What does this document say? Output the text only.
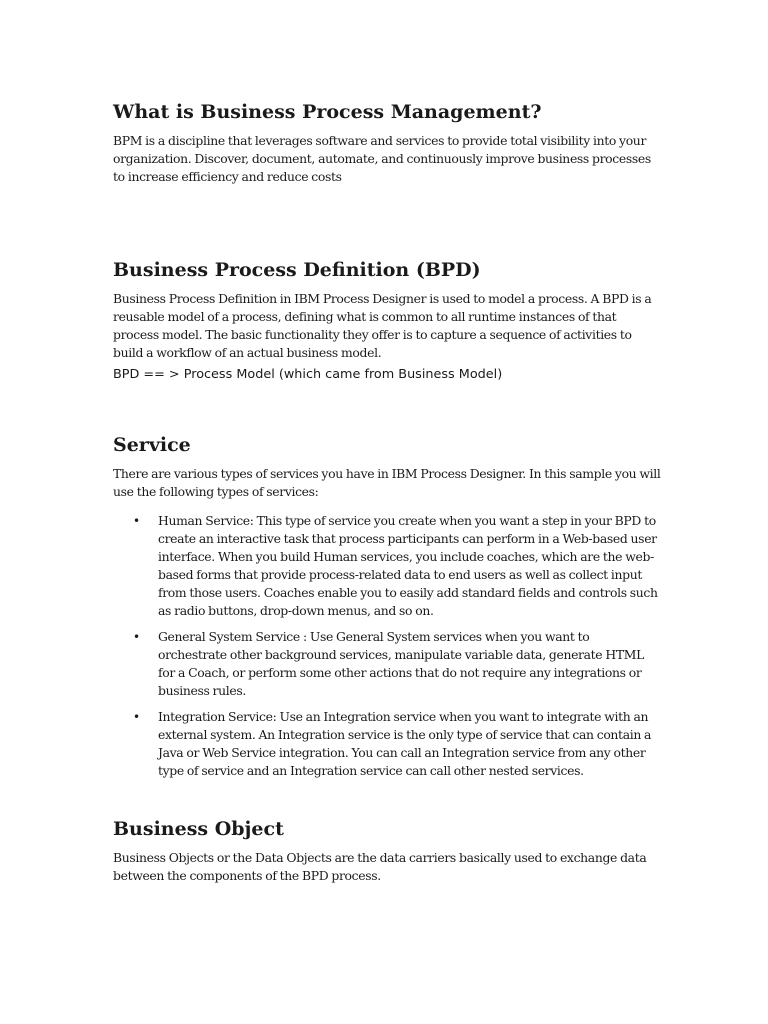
What is Business Process Management?

BPM is a discipline that leverages software and services to provide total visibility into your organization. Discover, document, automate, and continuously improve business processes to increase efficiency and reduce costs

Business Process Definition (BPD)

Business Process Definition in IBM Process Designer is used to model a process. A BPD is a reusable model of a process, defining what is common to all runtime instances of that process model. The basic functionality they offer is to capture a sequence of activities to build a workflow of an actual business model.

BPD == > Process Model (which came from Business Model)

Service

There are various types of services you have in IBM Process Designer. In this sample you will use the following types of services:

• Human Service: This type of service you create when you want a step in your BPD to create an interactive task that process participants can perform in a Web-based user interface. When you build Human services, you include coaches, which are the web-based forms that provide process-related data to end users as well as collect input from those users. Coaches enable you to easily add standard fields and controls such as radio buttons, drop-down menus, and so on.
• General System Service : Use General System services when you want to orchestrate other background services, manipulate variable data, generate HTML for a Coach, or perform some other actions that do not require any integrations or business rules.
• Integration Service: Use an Integration service when you want to integrate with an external system. An Integration service is the only type of service that can contain a Java or Web Service integration. You can call an Integration service from any other type of service and an Integration service can call other nested services.
Business Object

Business Objects or the Data Objects are the data carriers basically used to exchange data between the components of the BPD process.
